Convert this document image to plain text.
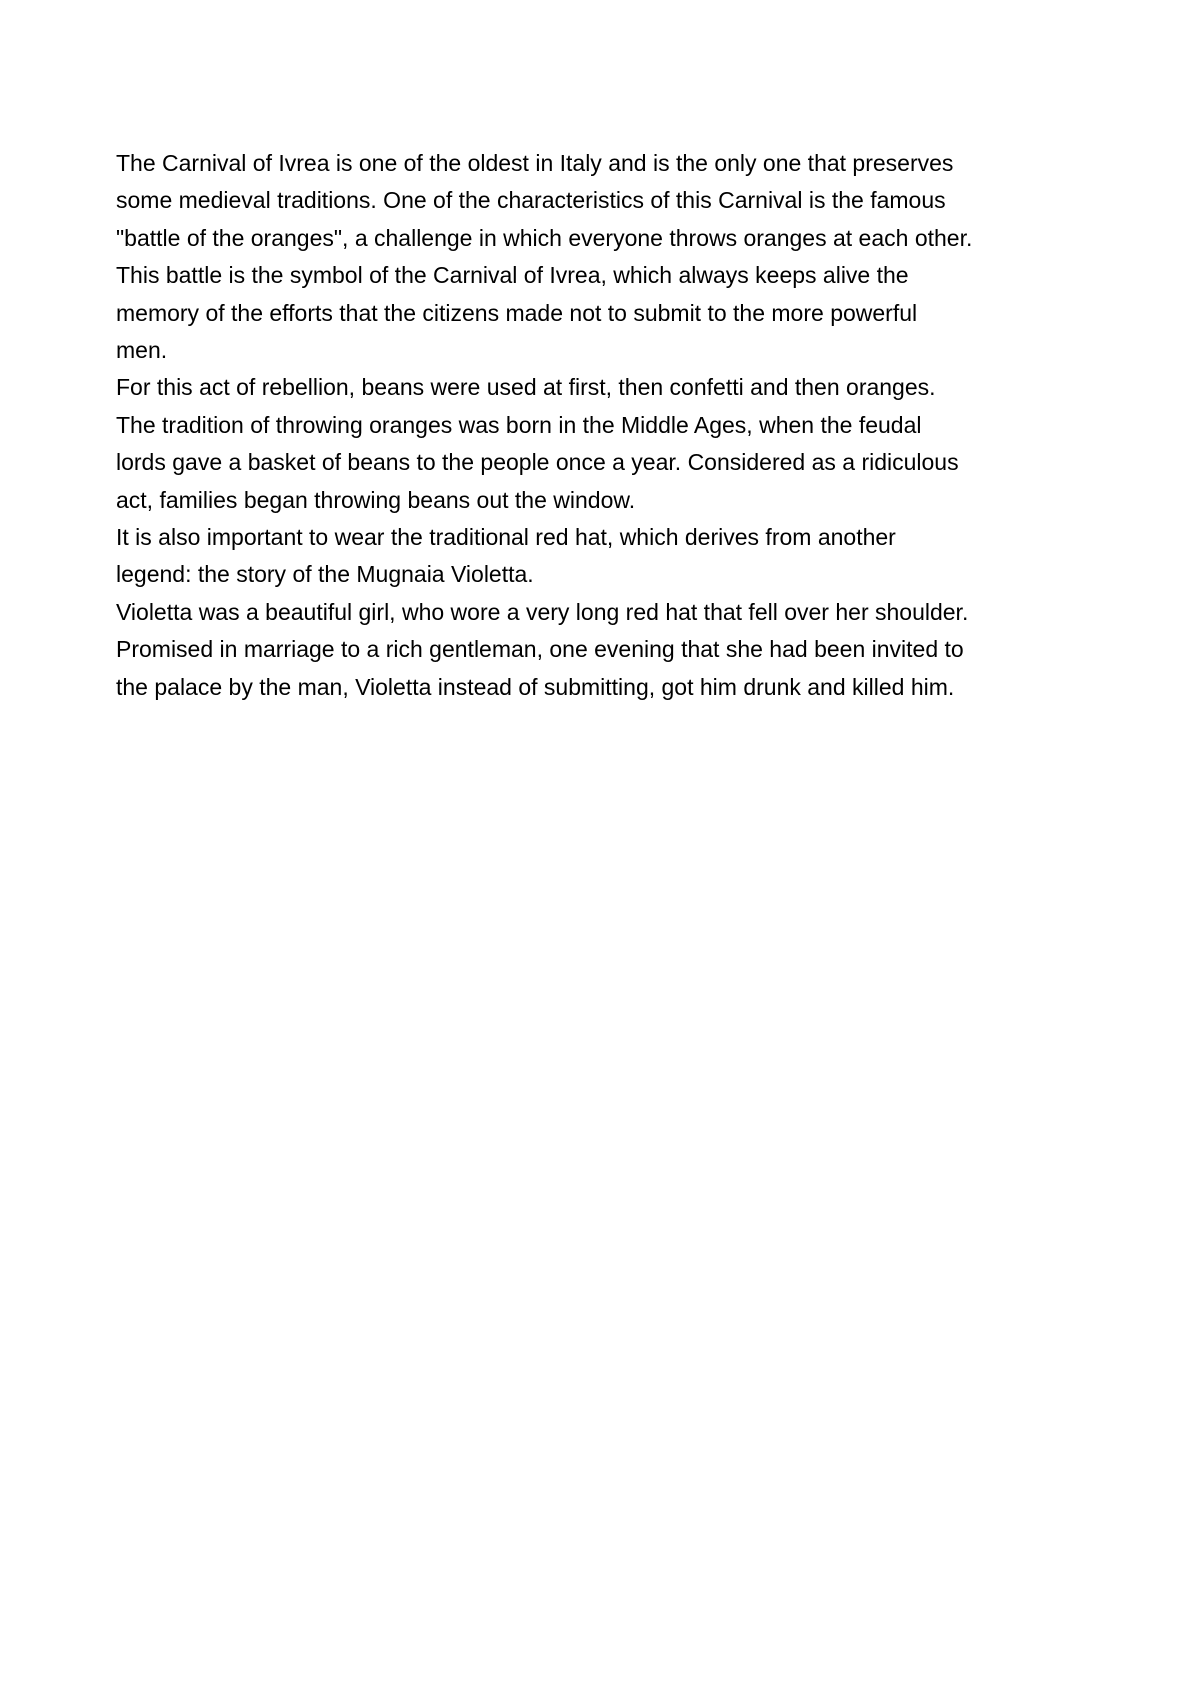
The Carnival of Ivrea is one of the oldest in Italy and is the only one that preserves
some medieval traditions. One of the characteristics of this Carnival is the famous
"battle of the oranges", a challenge in which everyone throws oranges at each other.
This battle is the symbol of the Carnival of Ivrea, which always keeps alive the
memory of the efforts that the citizens made not to submit to the more powerful
men.
For this act of rebellion, beans were used at first, then confetti and then oranges.
The tradition of throwing oranges was born in the Middle Ages, when the feudal
lords gave a basket of beans to the people once a year. Considered as a ridiculous
act, families began throwing beans out the window.
It is also important to wear the traditional red hat, which derives from another
legend: the story of the Mugnaia Violetta.
Violetta was a beautiful girl, who wore a very long red hat that fell over her shoulder.
Promised in marriage to a rich gentleman, one evening that she had been invited to
the palace by the man, Violetta instead of submitting, got him drunk and killed him.
